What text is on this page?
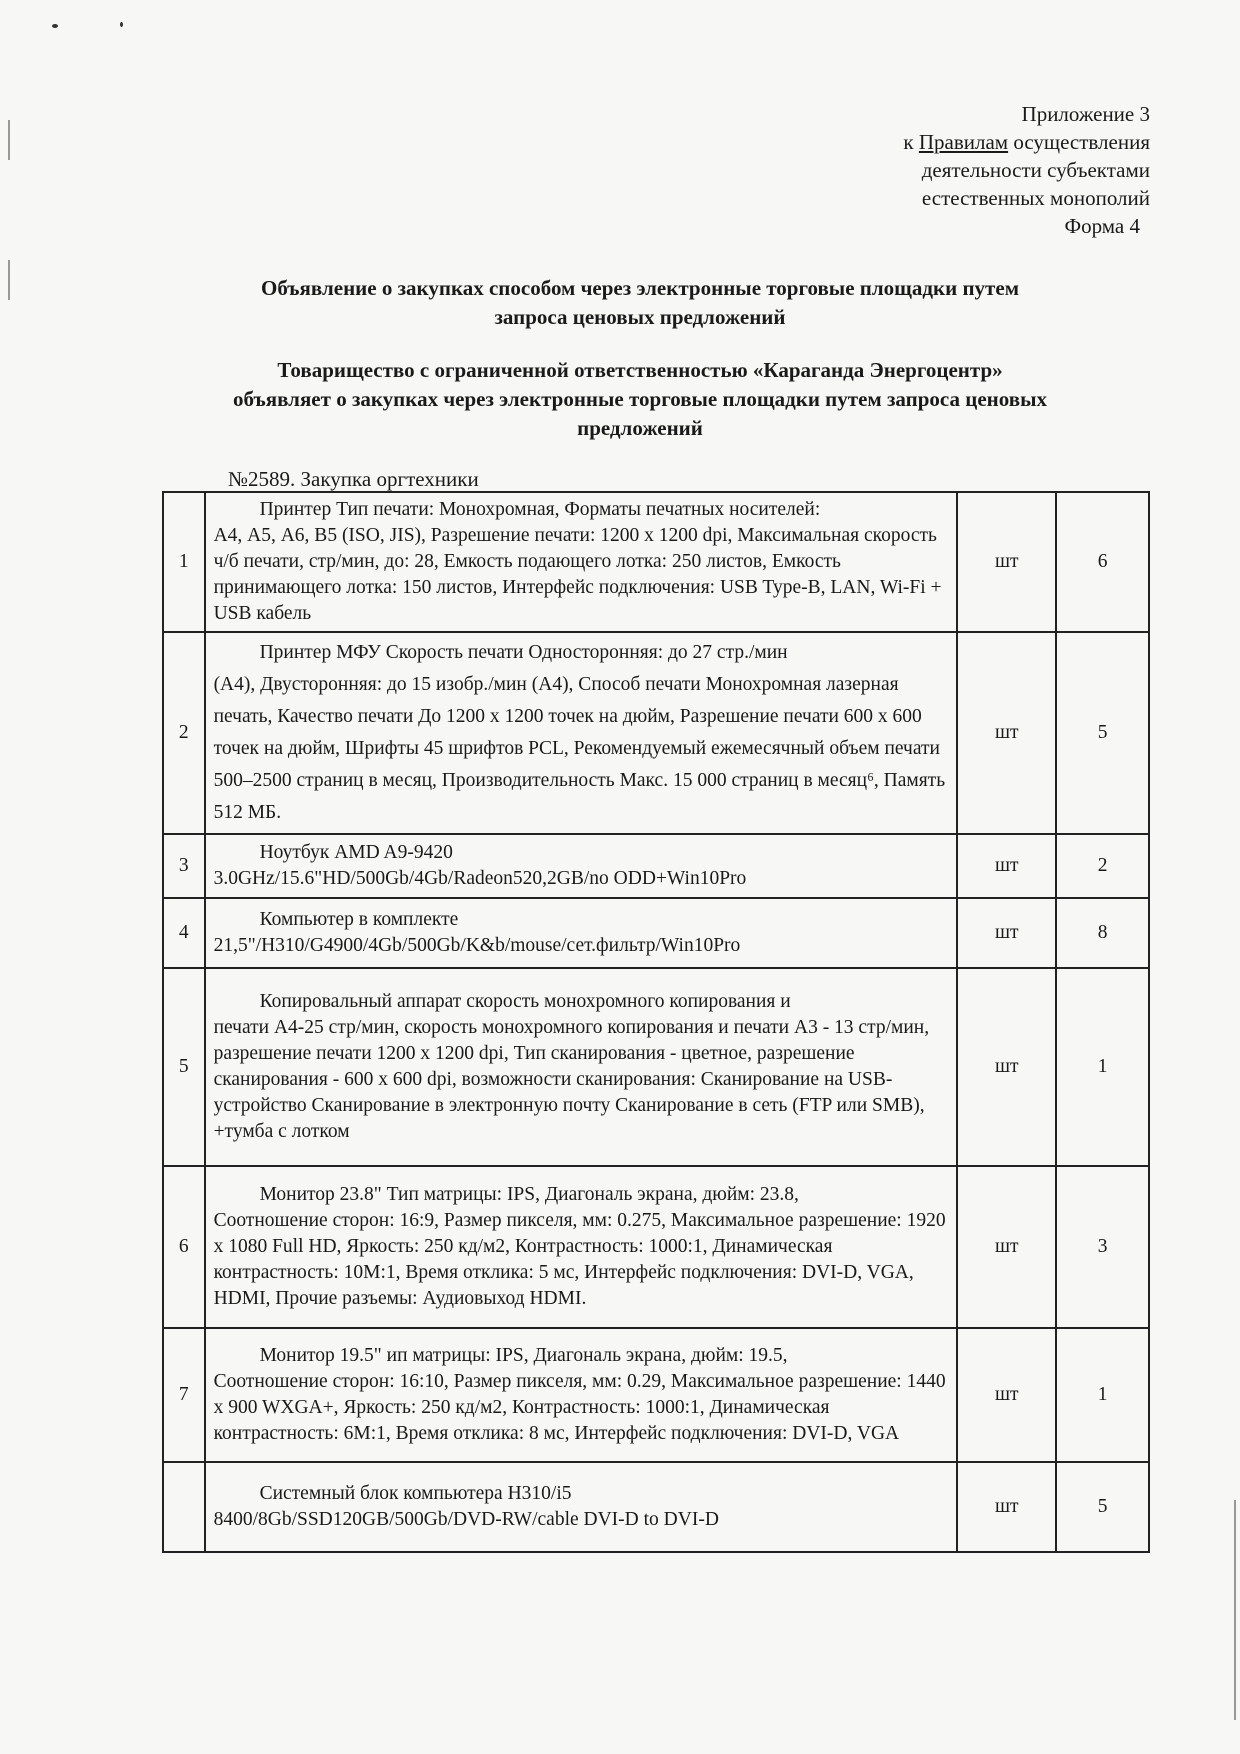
Приложение 3
к Правилам осуществления
деятельности субъектами
естественных монополий
Форма 4
Объявление о закупках способом через электронные торговые площадки путем
запроса ценовых предложений
Товарищество с ограниченной ответственностью «Караганда Энергоцентр»
объявляет о закупках через электронные торговые площадки путем запроса ценовых
предложений
№2589. Закупка оргтехники
1	Принтер Тип печати: Монохромная, Форматы печатных носителей:
А4, А5, А6, В5 (ISO, JIS), Разрешение печати: 1200 x 1200 dpi, Максимальная скорость ч/б печати, стр/мин, до: 28, Емкость подающего лотка: 250 листов, Емкость принимающего лотка: 150 листов, Интерфейс подключения: USB Type-B, LAN, Wi-Fi + USB кабель	шт	6
2	Принтер МФУ Скорость печати Односторонняя: до 27 стр./мин
(А4), Двусторонняя: до 15 изобр./мин (А4), Способ печати Монохромная лазерная печать, Качество печати До 1200 x 1200 точек на дюйм, Разрешение печати 600 x 600 точек на дюйм, Шрифты 45 шрифтов PCL, Рекомендуемый ежемесячный объем печати 500–2500 страниц в месяц, Производительность Макс. 15 000 страниц в месяц⁶, Память 512 МБ.	шт	5
3	Ноутбук AMD A9-9420
3.0GHz/15.6"HD/500Gb/4Gb/Radeon520,2GB/no ODD+Win10Pro	шт	2
4	Компьютер в комплекте
21,5"/H310/G4900/4Gb/500Gb/K&b/mouse/сет.фильтр/Win10Pro	шт	8
5	Копировальный аппарат скорость монохромного копирования и
печати А4-25 стр/мин, скорость монохромного копирования и печати А3 - 13 стр/мин, разрешение печати 1200 x 1200 dpi, Тип сканирования - цветное, разрешение сканирования - 600 x 600 dpi, возможности сканирования: Сканирование на USB-устройство Сканирование в электронную почту Сканирование в сеть (FTP или SMB), +тумба с лотком	шт	1
6	Монитор 23.8" Тип матрицы: IPS, Диагональ экрана, дюйм: 23.8,
Соотношение сторон: 16:9, Размер пикселя, мм: 0.275, Максимальное разрешение: 1920 x 1080 Full HD, Яркость: 250 кд/м2, Контрастность: 1000:1, Динамическая контрастность: 10M:1, Время отклика: 5 мс, Интерфейс подключения: DVI-D, VGA, HDMI, Прочие разъемы: Аудиовыход HDMI.	шт	3
7	Монитор 19.5" ип матрицы: IPS, Диагональ экрана, дюйм: 19.5,
Соотношение сторон: 16:10, Размер пикселя, мм: 0.29, Максимальное разрешение: 1440 x 900 WXGA+, Яркость: 250 кд/м2, Контрастность: 1000:1, Динамическая контрастность: 6M:1, Время отклика: 8 мс, Интерфейс подключения: DVI-D, VGA	шт	1

	Системный блок компьютера H310/i5
8400/8Gb/SSD120GB/500Gb/DVD-RW/cable DVI-D to DVI-D	шт	5
